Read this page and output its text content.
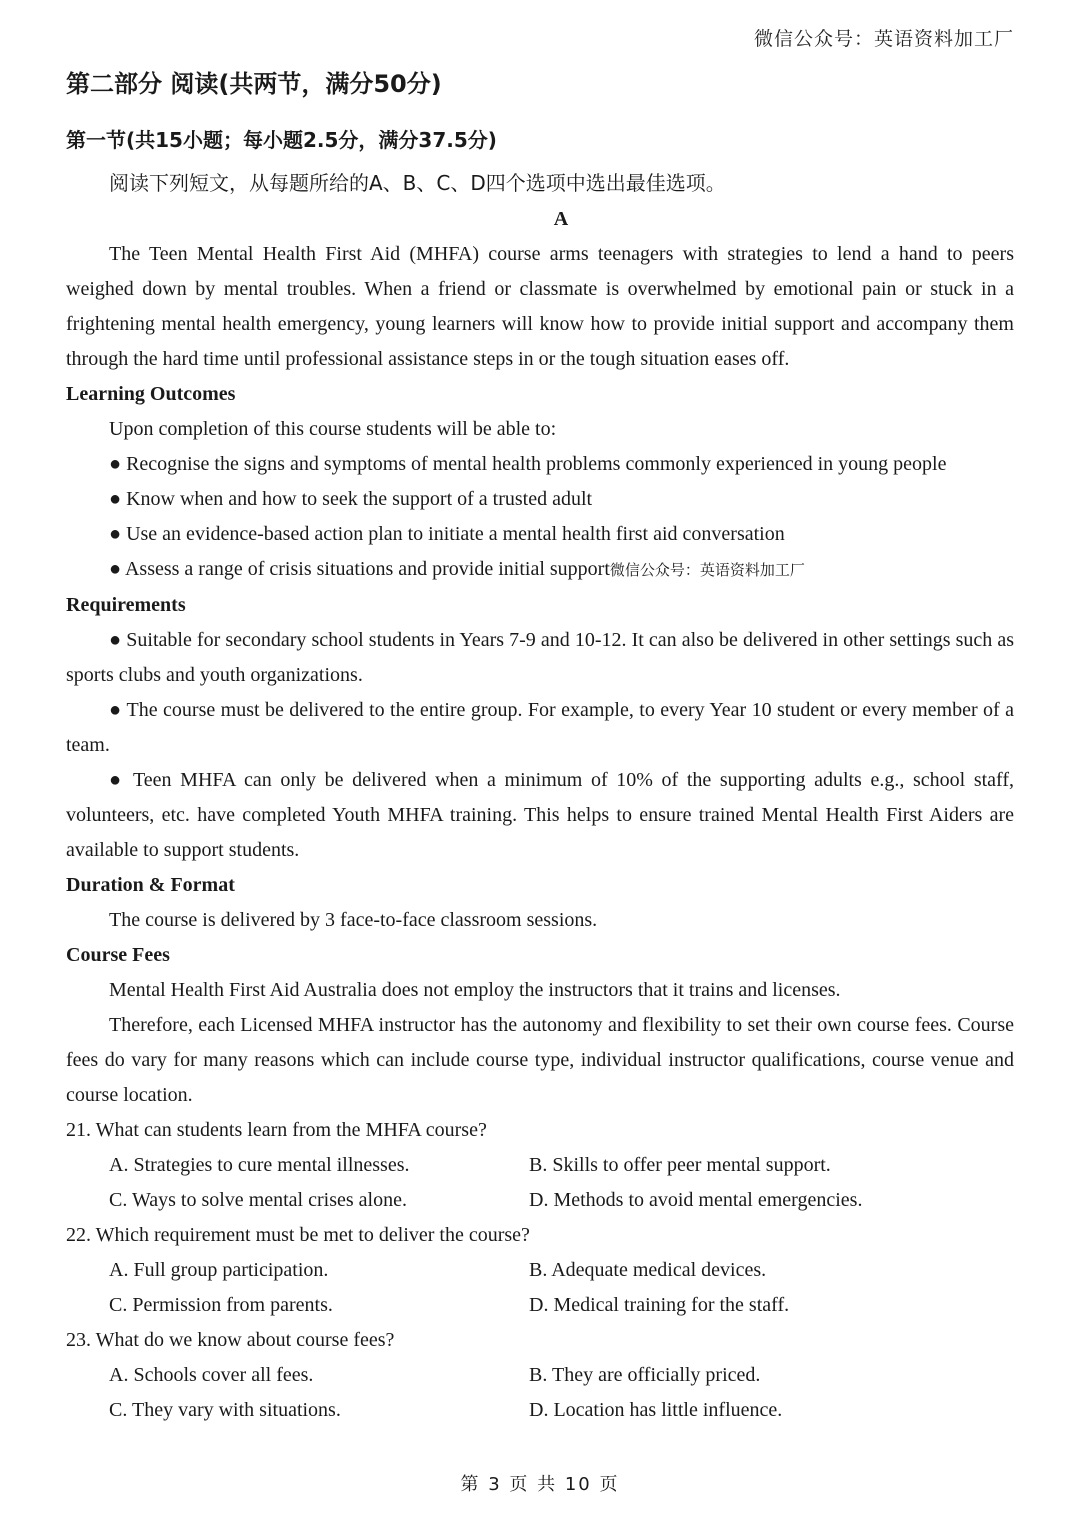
微信公众号：英语资料加工厂
第二部分 阅读(共两节，满分50分)
第一节(共15小题；每小题2.5分，满分37.5分)
阅读下列短文，从每题所给的A、B、C、D四个选项中选出最佳选项。
A

The Teen Mental Health First Aid (MHFA) course arms teenagers with strategies to lend a hand to peers weighed down by mental troubles. When a friend or classmate is overwhelmed by emotional pain or stuck in a frightening mental health emergency, young learners will know how to provide initial support and accompany them through the hard time until professional assistance steps in or the tough situation eases off.

Learning Outcomes

Upon completion of this course students will be able to:

● Recognise the signs and symptoms of mental health problems commonly experienced in young people

● Know when and how to seek the support of a trusted adult

● Use an evidence-based action plan to initiate a mental health first aid conversation

● Assess a range of crisis situations and provide initial support微信公众号：英语资料加工厂

Requirements

● Suitable for secondary school students in Years 7-9 and 10-12. It can also be delivered in other settings such as sports clubs and youth organizations.

● The course must be delivered to the entire group. For example, to every Year 10 student or every member of a team.

● Teen MHFA can only be delivered when a minimum of 10% of the supporting adults e.g., school staff, volunteers, etc. have completed Youth MHFA training. This helps to ensure trained Mental Health First Aiders are available to support students.

Duration & Format

The course is delivered by 3 face-to-face classroom sessions.

Course Fees

Mental Health First Aid Australia does not employ the instructors that it trains and licenses.

Therefore, each Licensed MHFA instructor has the autonomy and flexibility to set their own course fees. Course fees do vary for many reasons which can include course type, individual instructor qualifications, course venue and course location.

21. What can students learn from the MHFA course?

A. Strategies to cure mental illnesses.	B. Skills to offer peer mental support.
C. Ways to solve mental crises alone.	D. Methods to avoid mental emergencies.

22. Which requirement must be met to deliver the course?

A. Full group participation.	B. Adequate medical devices.
C. Permission from parents.	D. Medical training for the staff.

23. What do we know about course fees?

A. Schools cover all fees.	B. They are officially priced.
C. They vary with situations.	D. Location has little influence.
第 3 页 共 10 页
